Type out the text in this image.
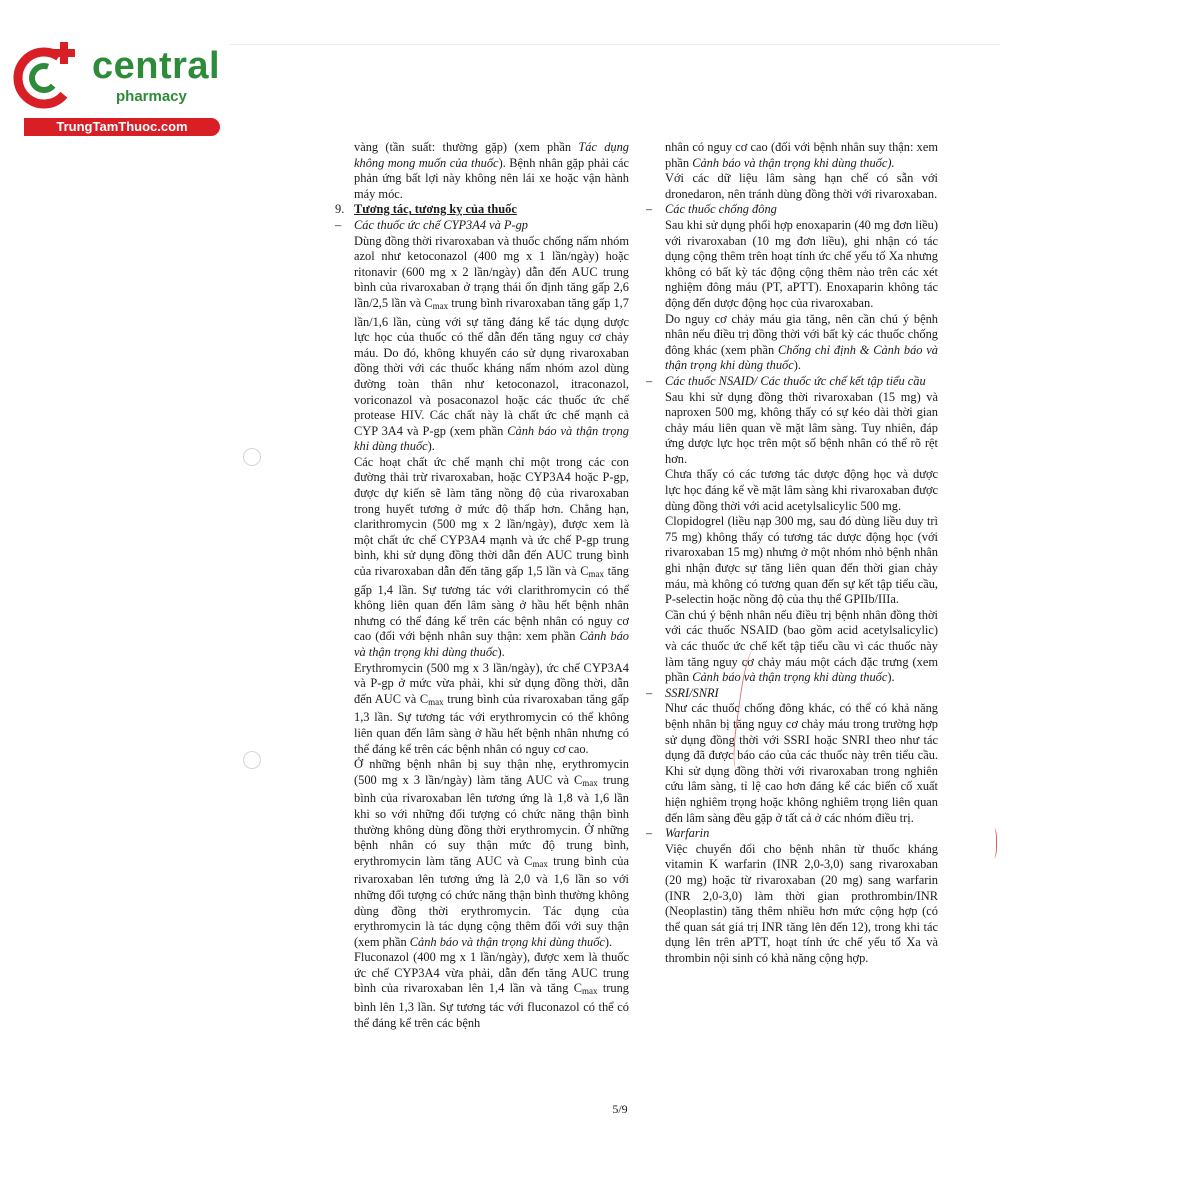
central
pharmacy
TrungTamThuoc.com

vàng (tần suất: thường gặp) (xem phần Tác dụng không mong muốn của thuốc). Bệnh nhân gặp phải các phản ứng bất lợi này không nên lái xe hoặc vận hành máy móc.

9. Tương tác, tương kỵ của thuốc

– Các thuốc ức chế CYP3A4 và P-gp

Dùng đồng thời rivaroxaban và thuốc chống nấm nhóm azol như ketoconazol (400 mg x 1 lần/ngày) hoặc ritonavir (600 mg x 2 lần/ngày) dẫn đến AUC trung bình của rivaroxaban ở trạng thái ổn định tăng gấp 2,6 lần/2,5 lần và $C_{max}$ trung bình rivaroxaban tăng gấp 1,7 lần/1,6 lần, cùng với sự tăng đáng kể tác dụng dược lực học của thuốc có thể dẫn đến tăng nguy cơ chảy máu. Do đó, không khuyến cáo sử dụng rivaroxaban đồng thời với các thuốc kháng nấm nhóm azol dùng đường toàn thân như ketoconazol, itraconazol, voriconazol và posaconazol hoặc các thuốc ức chế protease HIV. Các chất này là chất ức chế mạnh cả CYP 3A4 và P-gp (xem phần Cảnh báo và thận trọng khi dùng thuốc).

Các hoạt chất ức chế mạnh chỉ một trong các con đường thải trừ rivaroxaban, hoặc CYP3A4 hoặc P-gp, được dự kiến sẽ làm tăng nồng độ của rivaroxaban trong huyết tương ở mức độ thấp hơn. Chẳng hạn, clarithromycin (500 mg x 2 lần/ngày), được xem là một chất ức chế CYP3A4 mạnh và ức chế P-gp trung bình, khi sử dụng đồng thời dẫn đến AUC trung bình của rivaroxaban dẫn đến tăng gấp 1,5 lần và $C_{max}$ tăng gấp 1,4 lần. Sự tương tác với clarithromycin có thể không liên quan đến lâm sàng ở hầu hết bệnh nhân nhưng có thể đáng kể trên các bệnh nhân có nguy cơ cao (đối với bệnh nhân suy thận: xem phần Cảnh báo và thận trọng khi dùng thuốc).

Erythromycin (500 mg x 3 lần/ngày), ức chế CYP3A4 và P-gp ở mức vừa phải, khi sử dụng đồng thời, dẫn đến AUC và $C_{max}$ trung bình của rivaroxaban tăng gấp 1,3 lần. Sự tương tác với erythromycin có thể không liên quan đến lâm sàng ở hầu hết bệnh nhân nhưng có thể đáng kể trên các bệnh nhân có nguy cơ cao.

Ở những bệnh nhân bị suy thận nhẹ, erythromycin (500 mg x 3 lần/ngày) làm tăng AUC và $C_{max}$ trung bình của rivaroxaban lên tương ứng là 1,8 và 1,6 lần khi so với những đối tượng có chức năng thận bình thường không dùng đồng thời erythromycin. Ở những bệnh nhân có suy thận mức độ trung bình, erythromycin làm tăng AUC và $C_{max}$ trung bình của rivaroxaban lên tương ứng là 2,0 và 1,6 lần so với những đối tượng có chức năng thận bình thường không dùng đồng thời erythromycin. Tác dụng của erythromycin là tác dụng cộng thêm đối với suy thận (xem phần Cảnh báo và thận trọng khi dùng thuốc).

Fluconazol (400 mg x 1 lần/ngày), được xem là thuốc ức chế CYP3A4 vừa phải, dẫn đến tăng AUC trung bình của rivaroxaban lên 1,4 lần và tăng $C_{max}$ trung bình lên 1,3 lần. Sự tương tác với fluconazol có thể có thể đáng kể trên các bệnh

nhân có nguy cơ cao (đối với bệnh nhân suy thận: xem phần Cảnh báo và thận trọng khi dùng thuốc).

Với các dữ liệu lâm sàng hạn chế có sẵn với dronedaron, nên tránh dùng đồng thời với rivaroxaban.

– Các thuốc chống đông

Sau khi sử dụng phối hợp enoxaparin (40 mg đơn liều) với rivaroxaban (10 mg đơn liều), ghi nhận có tác dụng cộng thêm trên hoạt tính ức chế yếu tố Xa nhưng không có bất kỳ tác động cộng thêm nào trên các xét nghiệm đông máu (PT, aPTT). Enoxaparin không tác động đến dược động học của rivaroxaban.

Do nguy cơ chảy máu gia tăng, nên cần chú ý bệnh nhân nếu điều trị đồng thời với bất kỳ các thuốc chống đông khác (xem phần Chống chỉ định & Cảnh báo và thận trọng khi dùng thuốc).

– Các thuốc NSAID/ Các thuốc ức chế kết tập tiểu cầu

Sau khi sử dụng đồng thời rivaroxaban (15 mg) và naproxen 500 mg, không thấy có sự kéo dài thời gian chảy máu liên quan về mặt lâm sàng. Tuy nhiên, đáp ứng dược lực học trên một số bệnh nhân có thể rõ rệt hơn.

Chưa thấy có các tương tác dược động học và dược lực học đáng kể về mặt lâm sàng khi rivaroxaban được dùng đồng thời với acid acetylsalicylic 500 mg.

Clopidogrel (liều nạp 300 mg, sau đó dùng liều duy trì 75 mg) không thấy có tương tác dược động học (với rivaroxaban 15 mg) nhưng ở một nhóm nhỏ bệnh nhân ghi nhận được sự tăng liên quan đến thời gian chảy máu, mà không có tương quan đến sự kết tập tiểu cầu, P-selectin hoặc nồng độ của thụ thể GPIIb/IIIa.

Cần chú ý bệnh nhân nếu điều trị bệnh nhân đồng thời với các thuốc NSAID (bao gồm acid acetylsalicylic) và các thuốc ức chế kết tập tiểu cầu vì các thuốc này làm tăng nguy cơ chảy máu một cách đặc trưng (xem phần Cảnh báo và thận trọng khi dùng thuốc).

– SSRI/SNRI

Như các thuốc chống đông khác, có thể có khả năng bệnh nhân bị tăng nguy cơ chảy máu trong trường hợp sử dụng đồng thời với SSRI hoặc SNRI theo như tác dụng đã được báo cáo của các thuốc này trên tiểu cầu. Khi sử dụng đồng thời với rivaroxaban trong nghiên cứu lâm sàng, tỉ lệ cao hơn đáng kể các biến cố xuất hiện nghiêm trọng hoặc không nghiêm trọng liên quan đến lâm sàng đều gặp ở tất cả ở các nhóm điều trị.

– Warfarin

Việc chuyển đổi cho bệnh nhân từ thuốc kháng vitamin K warfarin (INR 2,0-3,0) sang rivaroxaban (20 mg) hoặc từ rivaroxaban (20 mg) sang warfarin (INR 2,0-3,0) làm thời gian prothrombin/INR (Neoplastin) tăng thêm nhiều hơn mức cộng hợp (có thể quan sát giá trị INR tăng lên đến 12), trong khi tác dụng lên trên aPTT, hoạt tính ức chế yếu tố Xa và thrombin nội sinh có khả năng cộng hợp.

5/9
